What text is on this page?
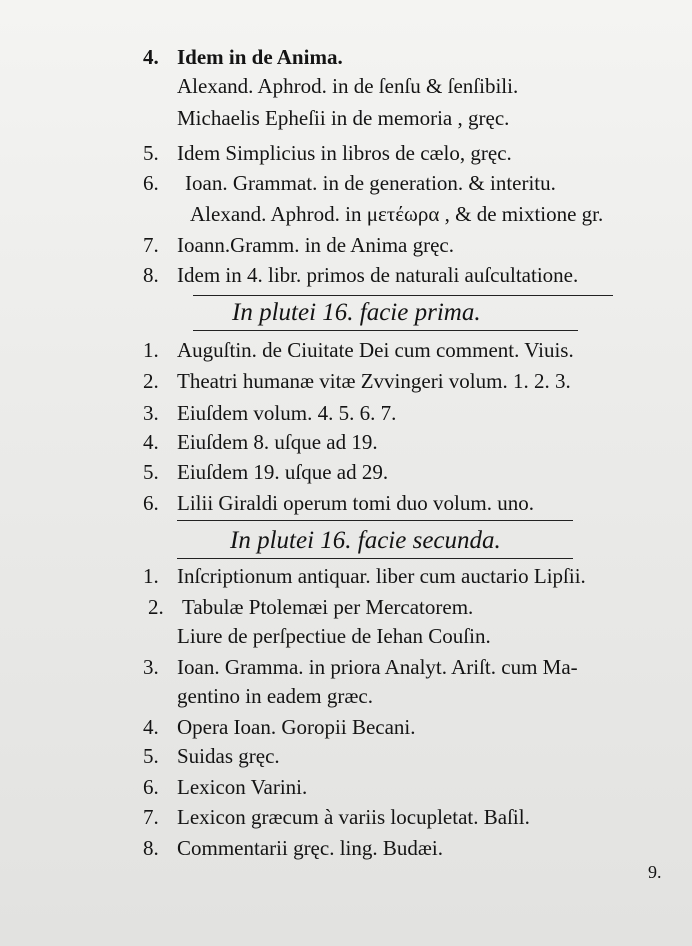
4. Idem in de Anima.
Alexand. Aphrod. in de ſenſu & ſenſibili.
Michaelis Epheſii in de memoria , gręc.
5. Idem Simplicius in libros de cælo, gręc.
6. Ioan. Grammat. in de generation. & interitu.
Alexand. Aphrod. in μετέωρα , & de mixtione gr.
7. Ioann.Gramm. in de Anima gręc.
8. Idem in 4. libr. primos de naturali auſcultatione.
In plutei 16. facie prima.
1. Auguſtin. de Ciuitate Dei cum comment. Viuis.
2. Theatri humanæ vitæ Zvvingeri volum. 1. 2. 3.
3. Eiuſdem volum. 4. 5. 6. 7.
4. Eiuſdem 8. uſque ad 19.
5. Eiuſdem 19. uſque ad 29.
6. Lilii Giraldi operum tomi duo volum. uno.
In plutei 16. facie secunda.
1. Inſcriptionum antiquar. liber cum auctario Lipſii.
2. Tabulæ Ptolemæi per Mercatorem.
Liure de perſpectiue de Iehan Couſin.
3. Ioan. Gramma. in priora Analyt. Ariſt. cum Ma-
gentino in eadem græc.
4. Opera Ioan. Goropii Becani.
5. Suidas gręc.
6. Lexicon Varini.
7. Lexicon græcum à variis locupletat. Baſil.
8. Commentarii gręc. ling. Budæi.
9.
